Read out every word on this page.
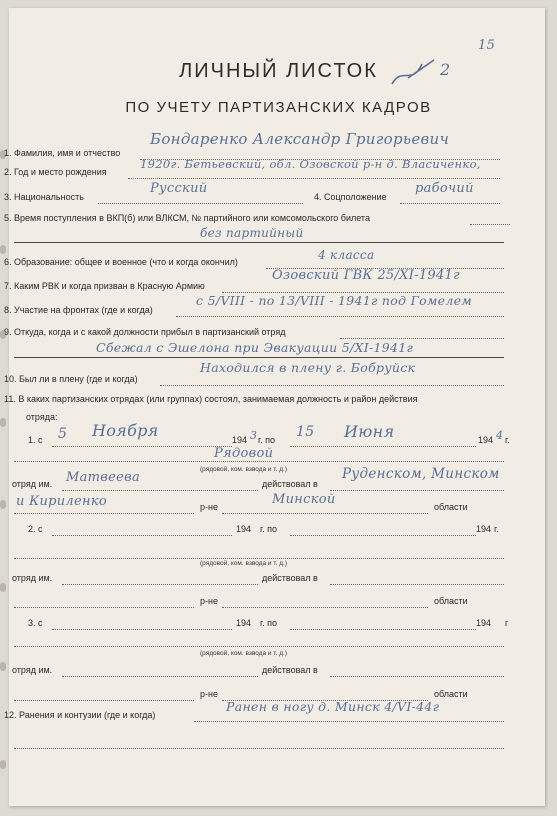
ЛИЧНЫЙ ЛИСТОК	2
15
ПО УЧЕТУ ПАРТИЗАНСКИХ КАДРОВ
1. Фамилия, имя и отчество
Бондаренко Александр Григорьевич
2. Год и место рождения
1920г. Бетьевский, обл. Озовской р-н д. Власиченко,
3. Национальность
Русский
4. Соцположение
рабочий
5. Время поступления в ВКП(б) или ВЛКСМ, № партийного или комсомольского билета
без партийный
6. Образование: общее и военное (что и когда окончил)	4 класса
7. Каким РВК и когда призван в Красную Армию
Озовский ГВК 25/XI-1941г
8. Участие на фронтах (где и когда)
с 5/VIII - по 13/VIII - 1941г под Гомелем
9. Откуда, когда и с какой должности прибыл в партизанский отряд
Сбежал с Эшелона при Эвакуации 5/XI-1941г
10. Был ли в плену (где и когда)
Находился в плену г. Бобруйск
11. В каких партизанских отрядах (или группах) состоял, занимаемая должность и район действия
отряда:
1. с 5 Ноября	194 3 г. по 15 Июня	194 4 г.
Рядовой
(рядовой, ком. взвода и т. д.)
отряд им. Матвеева	действовал в
Руденском, Минском
и Кириленко	р-не	Минской	области
2. с	194 г. по	194 г.
(рядовой, ком. взвода и т. д.)
отряд им.	действовал в
р-не	области
3. с	194 г. по	194 г
(рядовой, ком. взвода и т. д.)
отряд им.	действовал в
р-не	области
12. Ранения и контузии (где и когда)
Ранен в ногу д. Минск 4/VI-44г
